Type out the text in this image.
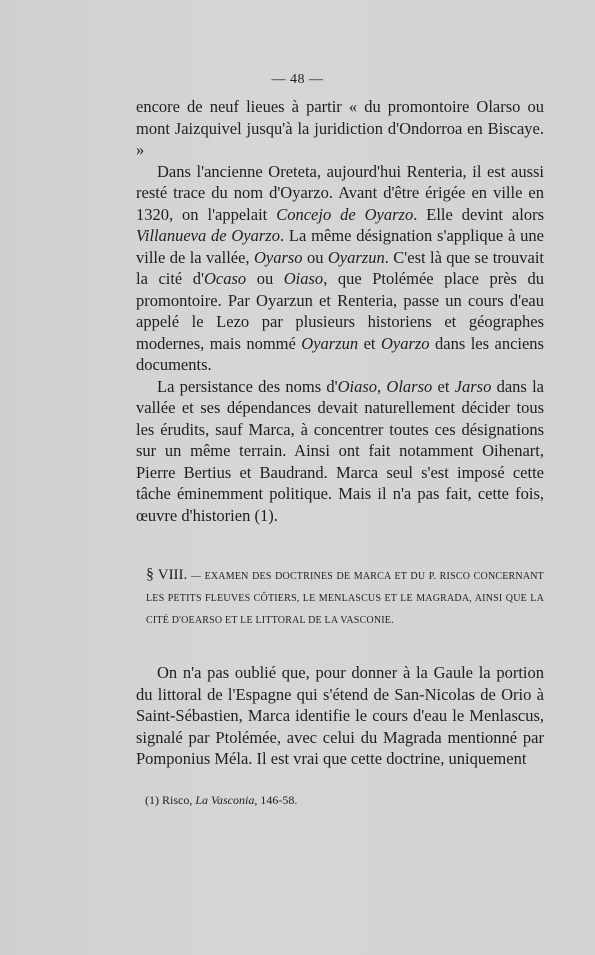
— 48 —

encore de neuf lieues à partir « du promontoire Olarso ou mont Jaizquivel jusqu'à la juridiction d'Ondorroa en Biscaye. »

Dans l'ancienne Oreteta, aujourd'hui Renteria, il est aussi resté trace du nom d'Oyarzo. Avant d'être érigée en ville en 1320, on l'appelait Concejo de Oyarzo. Elle devint alors Villanueva de Oyarzo. La même désignation s'applique à une ville de la vallée, Oyarso ou Oyarzun. C'est là que se trouvait la cité d'Ocaso ou Oiaso, que Ptolémée place près du promontoire. Par Oyarzun et Renteria, passe un cours d'eau appelé le Lezo par plusieurs historiens et géographes modernes, mais nommé Oyarzun et Oyarzo dans les anciens documents.

La persistance des noms d'Oiaso, Olarso et Jarso dans la vallée et ses dépendances devait naturellement décider tous les érudits, sauf Marca, à concentrer toutes ces désignations sur un même terrain. Ainsi ont fait notamment Oihenart, Pierre Bertius et Baudrand. Marca seul s'est imposé cette tâche éminemment politique. Mais il n'a pas fait, cette fois, œuvre d'historien (1).

§ VIII. — EXAMEN DES DOCTRINES DE MARCA ET DU P. RISCO CONCERNANT LES PETITS FLEUVES CÔTIERS, LE MENLASCUS ET LE MAGRADA, AINSI QUE LA CITÉ D'OEARSO ET LE LITTORAL DE LA VASCONIE.

On n'a pas oublié que, pour donner à la Gaule la portion du littoral de l'Espagne qui s'étend de San-Nicolas de Orio à Saint-Sébastien, Marca identifie le cours d'eau le Menlascus, signalé par Ptolémée, avec celui du Magrada mentionné par Pomponius Méla. Il est vrai que cette doctrine, uniquement

(1) Risco, La Vasconia, 146-58.
